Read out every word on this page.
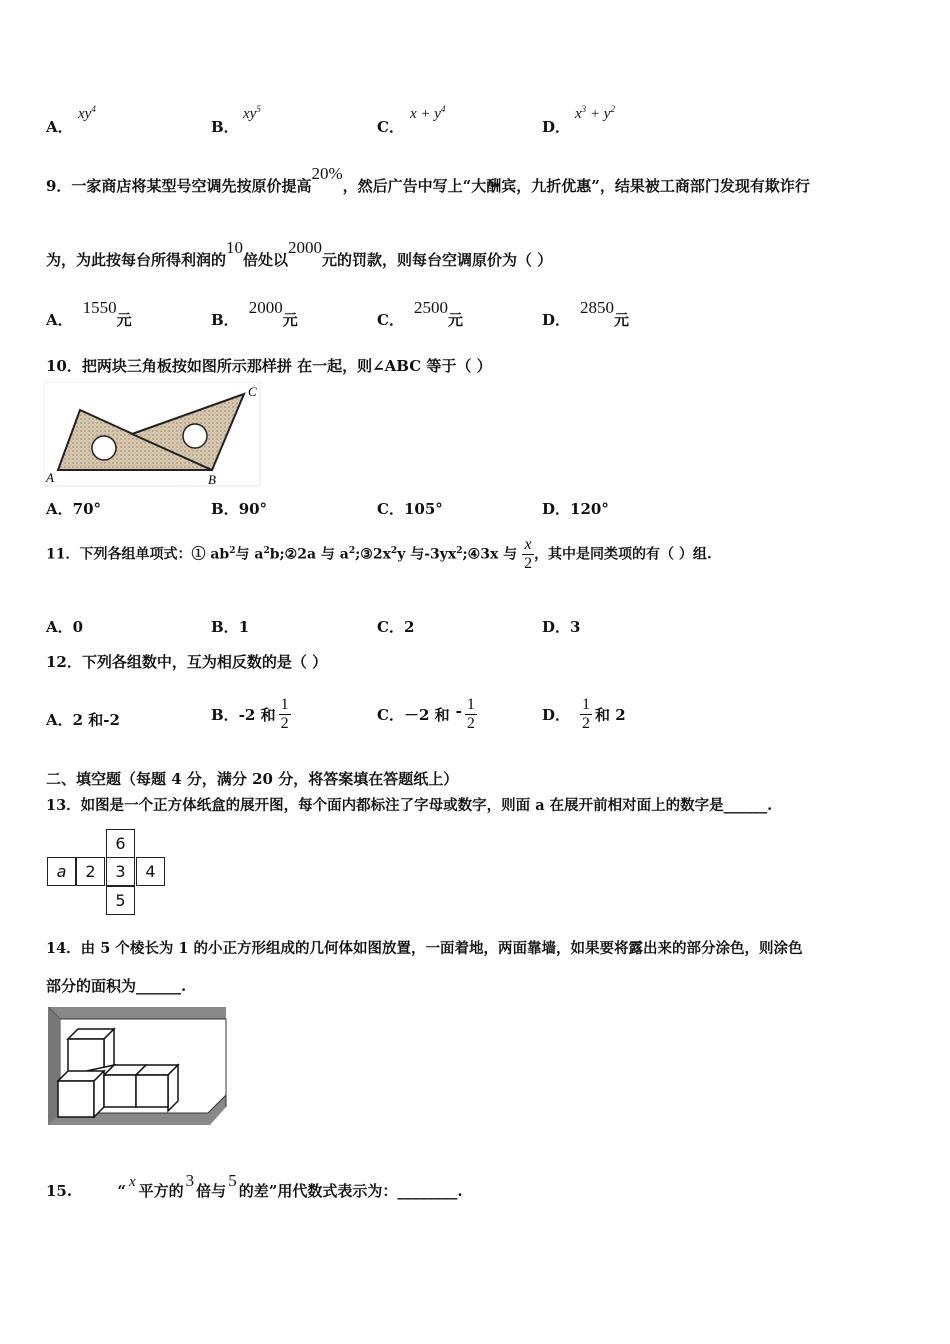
A．
$xy^4$
B．
$xy^5$
C．
$x + y^4$
D．
$x^3 + y^2$
9．一家商店将某型号空调先按原价提高20%，然后广告中写上“大酬宾，九折优惠”，结果被工商部门发现有欺诈行
为，为此按每台所得利润的10倍处以2000元的罚款，则每台空调原价为（ ）
A．1550元	B．2000元	C．2500元	D．2850元
10．把两块三角板按如图所示那样拼 在一起，则∠ABC 等于（ ）
A	B
C
A．70°	B．90°	C．105°	D．120°
11．下列各组单项式：① $ab^2$与 $a^2b;②2a$ 与 $a^2;③2x^2y$ 与$-3yx^2;④3x$ 与 $\frac{x}{2}$ ，其中是同类项的有（ ）组.
A．0	B．1	C．2	D．3
12．下列各组数中，互为相反数的是（ ）
A．2 和-2	B．-2 和 $\frac{1}{2}$	C．－2 和 - $\frac{1}{2}$	D． $\frac{1}{2}$ 和 2
二、填空题（每题 4 分，满分 20 分，将答案填在答题纸上）
13．如图是一个正方体纸盒的展开图，每个面内都标注了字母或数字，则面 a 在展开前相对面上的数字是______.
6
a	2	3	4
5
14．由 5 个棱长为 1 的小正方形组成的几何体如图放置，一面着地，两面靠墙，如果要将露出来的部分涂色，则涂色
部分的面积为______.
15.	“ x 平方的3倍与5的差”用代数式表示为：________.
